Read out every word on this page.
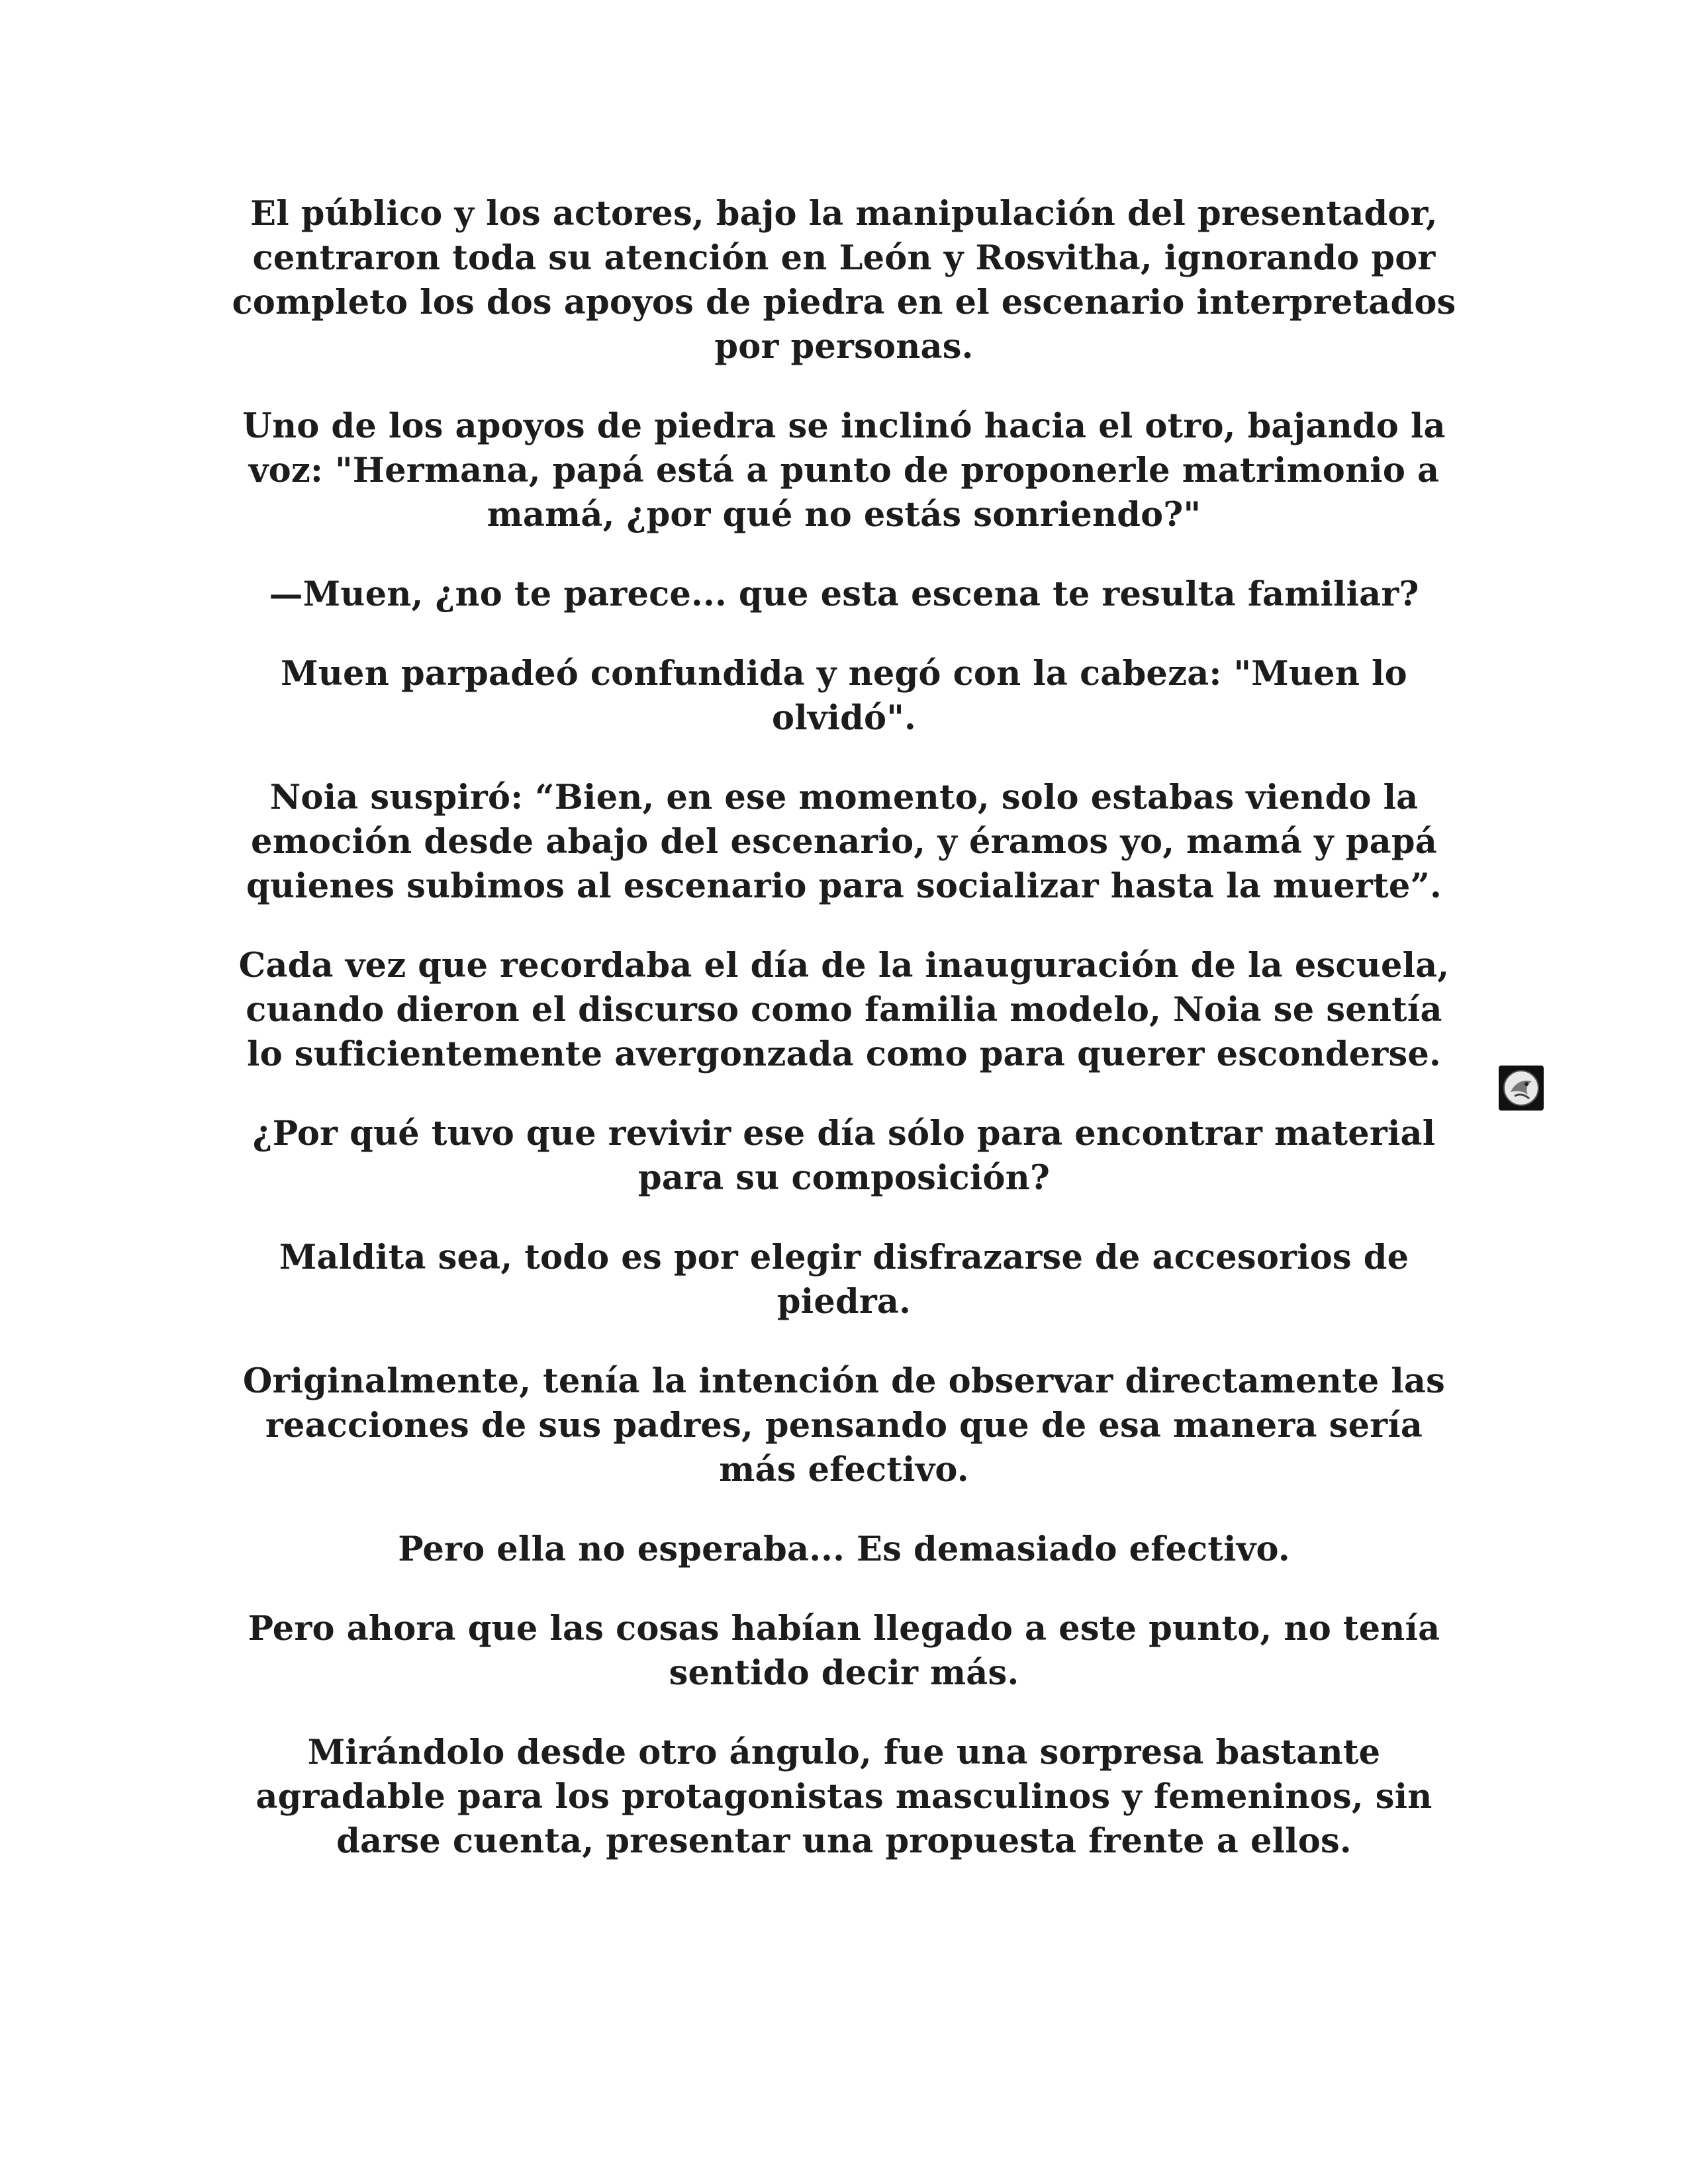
El público y los actores, bajo la manipulación del presentador, centraron toda su atención en León y Rosvitha, ignorando por completo los dos apoyos de piedra en el escenario interpretados por personas.

Uno de los apoyos de piedra se inclinó hacia el otro, bajando la voz: "Hermana, papá está a punto de proponerle matrimonio a mamá, ¿por qué no estás sonriendo?"

—Muen, ¿no te parece... que esta escena te resulta familiar?

Muen parpadeó confundida y negó con la cabeza: "Muen lo olvidó".

Noia suspiró: “Bien, en ese momento, solo estabas viendo la emoción desde abajo del escenario, y éramos yo, mamá y papá quienes subimos al escenario para socializar hasta la muerte”.

Cada vez que recordaba el día de la inauguración de la escuela, cuando dieron el discurso como familia modelo, Noia se sentía lo suficientemente avergonzada como para querer esconderse.

¿Por qué tuvo que revivir ese día sólo para encontrar material para su composición?

Maldita sea, todo es por elegir disfrazarse de accesorios de piedra.

Originalmente, tenía la intención de observar directamente las reacciones de sus padres, pensando que de esa manera sería más efectivo.

Pero ella no esperaba... Es demasiado efectivo.

Pero ahora que las cosas habían llegado a este punto, no tenía sentido decir más.

Mirándolo desde otro ángulo, fue una sorpresa bastante agradable para los protagonistas masculinos y femeninos, sin darse cuenta, presentar una propuesta frente a ellos.
